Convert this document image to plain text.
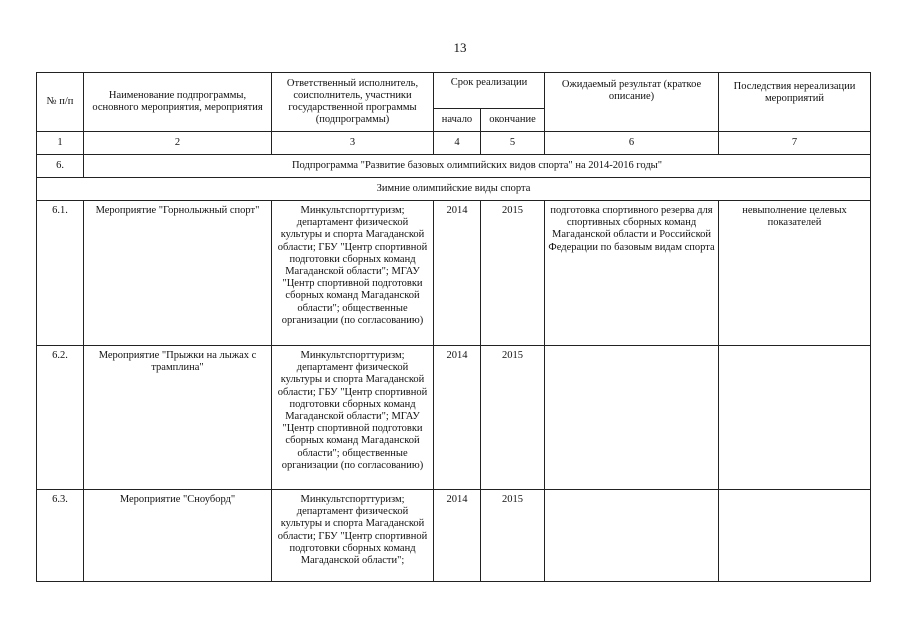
13
№ п/п	Наименование подпрограммы, основного мероприятия, мероприятия	Ответственный исполнитель, соисполнитель, участники государственной программы (подпрограммы)	Срок реализации		Ожидаемый результат (краткое описание)	Последствия нереализации мероприятий
			начало	окончание		
1	2	3	4	5	6	7
6.	Подпрограмма "Развитие базовых олимпийских видов спорта" на 2014-2016 годы"					
Зимние олимпийские виды спорта						
6.1.	Мероприятие "Горнолыжный спорт"	Минкультспорттуризм; департамент физической культуры и спорта Магаданской области; ГБУ "Центр спортивной подготовки сборных команд Магаданской области"; МГАУ "Центр спортивной подготовки сборных команд Магаданской области"; общественные организации (по согласованию)	2014	2015	подготовка спортивного резерва для спортивных сборных команд Магаданской области и Российской Федерации по базовым видам спорта	невыполнение целевых показателей
6.2.	Мероприятие "Прыжки на лыжах с трамплина"	Минкультспорттуризм; департамент физической культуры и спорта Магаданской области; ГБУ "Центр спортивной подготовки сборных команд Магаданской области"; МГАУ "Центр спортивной подготовки сборных команд Магаданской области"; общественные организации (по согласованию)	2014	2015		
6.3.	Мероприятие "Сноуборд"	Минкультспорттуризм; департамент физической культуры и спорта Магаданской области; ГБУ "Центр спортивной подготовки сборных команд Магаданской области";	2014	2015		
